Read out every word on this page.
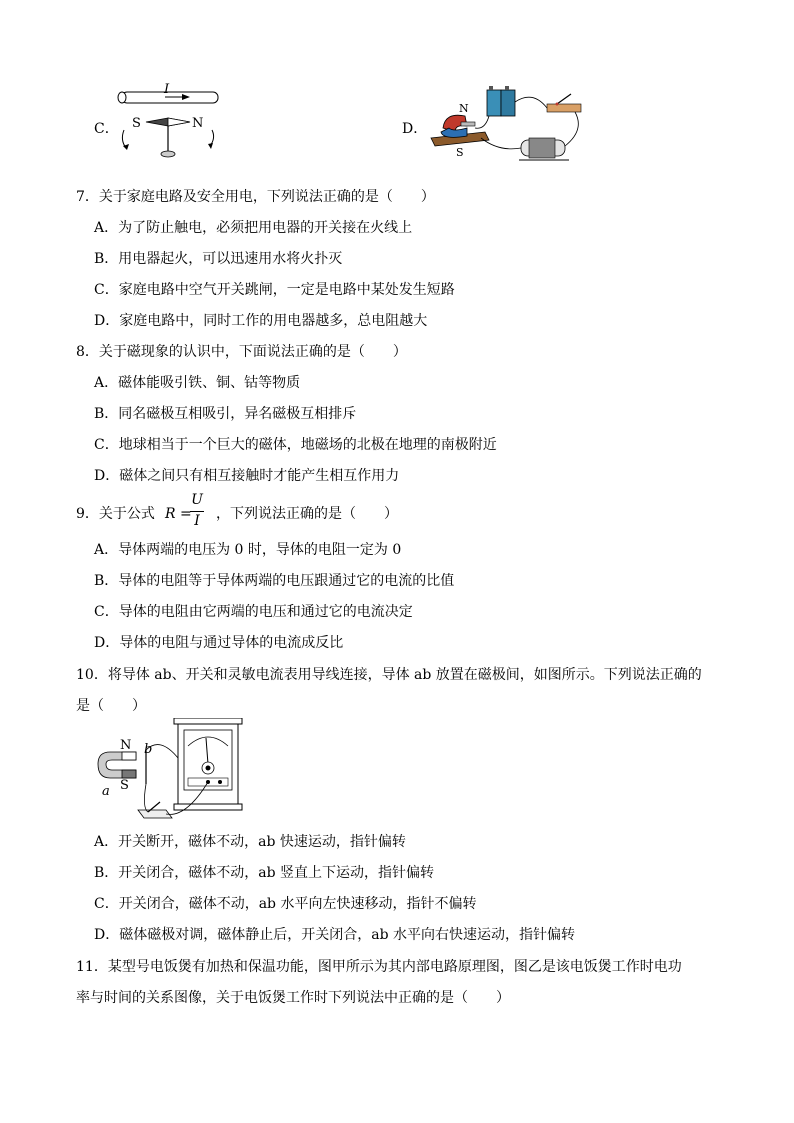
C．
I
S	N	D．
N
S
7．关于家庭电路及安全用电，下列说法正确的是（　　）
A．为了防止触电，必须把用电器的开关接在火线上
B．用电器起火，可以迅速用水将火扑灭
C．家庭电路中空气开关跳闸，一定是电路中某处发生短路
D．家庭电路中，同时工作的用电器越多，总电阻越大
8．关于磁现象的认识中，下面说法正确的是（　　）
A．磁体能吸引铁、铜、钴等物质
B．同名磁极互相吸引，异名磁极互相排斥
C．地球相当于一个巨大的磁体，地磁场的北极在地理的南极附近
D．磁体之间只有相互接触时才能产生相互作用力
9．关于公式 R =
U
I	，下列说法正确的是（　　）
A．导体两端的电压为 0 时，导体的电阻一定为 0
B．导体的电阻等于导体两端的电压跟通过它的电流的比值
C．导体的电阻由它两端的电压和通过它的电流决定
D．导体的电阻与通过导体的电流成反比
10．将导体 ab、开关和灵敏电流表用导线连接，导体 ab 放置在磁极间，如图所示。下列说法正确的
是（　　）
N
S
a
b
A．开关断开，磁体不动，ab 快速运动，指针偏转
B．开关闭合，磁体不动，ab 竖直上下运动，指针偏转
C．开关闭合，磁体不动，ab 水平向左快速移动，指针不偏转
D．磁体磁极对调，磁体静止后，开关闭合，ab 水平向右快速运动，指针偏转
11．某型号电饭煲有加热和保温功能，图甲所示为其内部电路原理图，图乙是该电饭煲工作时电功
率与时间的关系图像，关于电饭煲工作时下列说法中正确的是（　　）
